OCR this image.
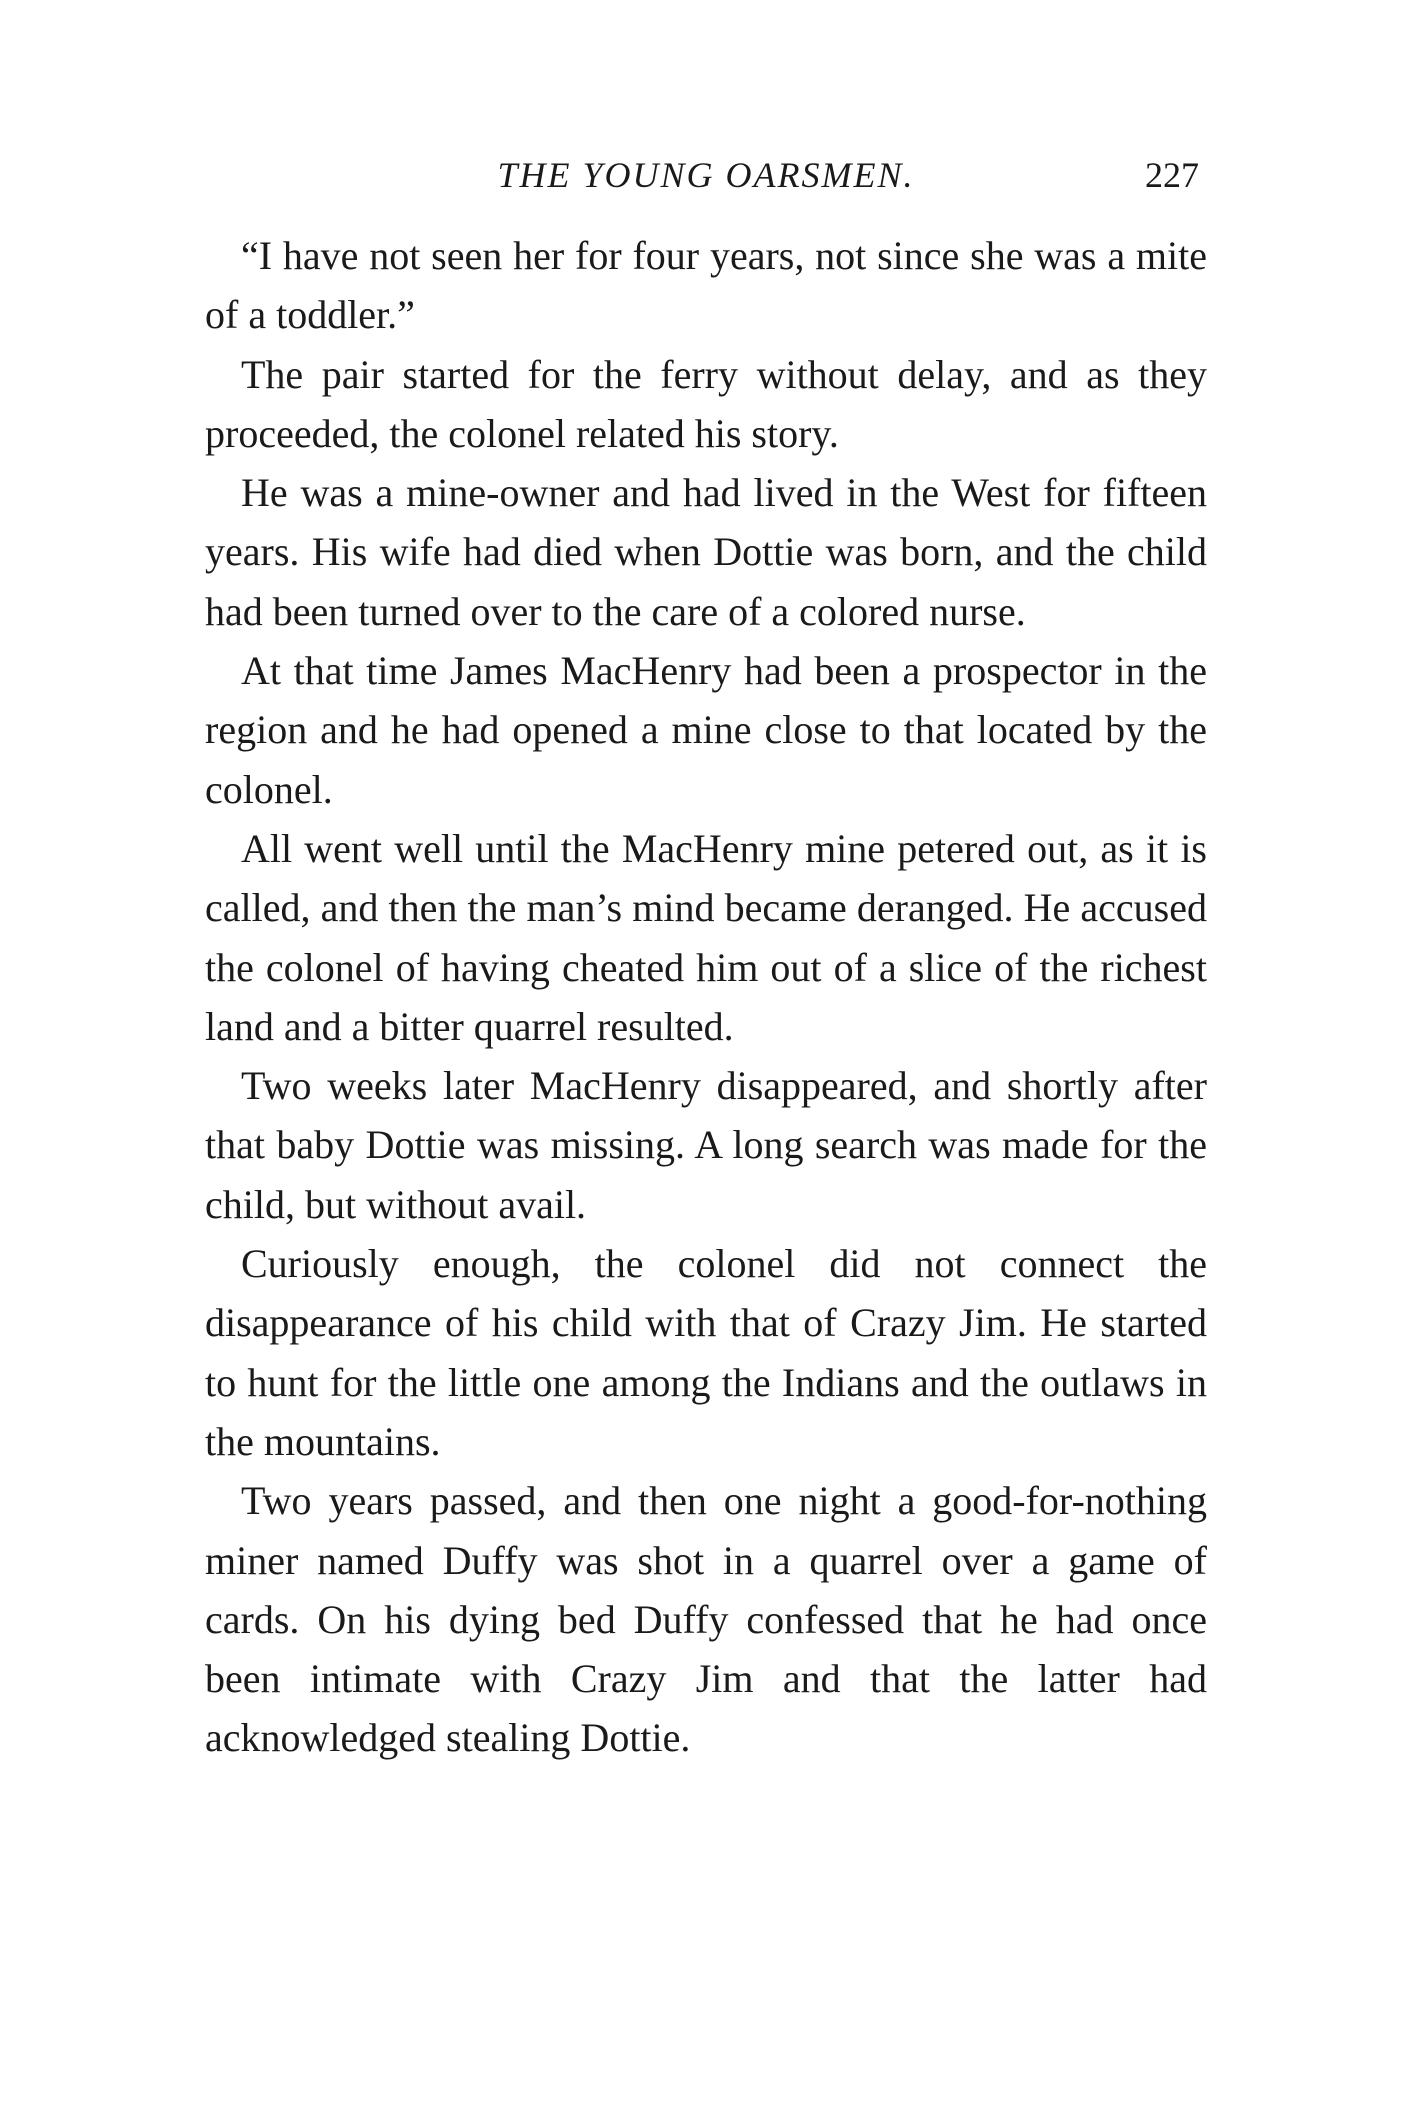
THE YOUNG OARSMEN.	227

“I have not seen her for four years, not since she was a mite of a toddler.”

The pair started for the ferry without delay, and as they proceeded, the colonel related his story.

He was a mine-owner and had lived in the West for fifteen years. His wife had died when Dottie was born, and the child had been turned over to the care of a colored nurse.

At that time James MacHenry had been a prospector in the region and he had opened a mine close to that located by the colonel.

All went well until the MacHenry mine petered out, as it is called, and then the man’s mind became deranged. He accused the colonel of having cheated him out of a slice of the richest land and a bitter quarrel resulted.

Two weeks later MacHenry disappeared, and shortly after that baby Dottie was missing. A long search was made for the child, but without avail.

Curiously enough, the colonel did not connect the disappearance of his child with that of Crazy Jim. He started to hunt for the little one among the Indians and the outlaws in the mountains.

Two years passed, and then one night a good-for-nothing miner named Duffy was shot in a quarrel over a game of cards. On his dying bed Duffy confessed that he had once been intimate with Crazy Jim and that the latter had acknowledged stealing Dottie.
